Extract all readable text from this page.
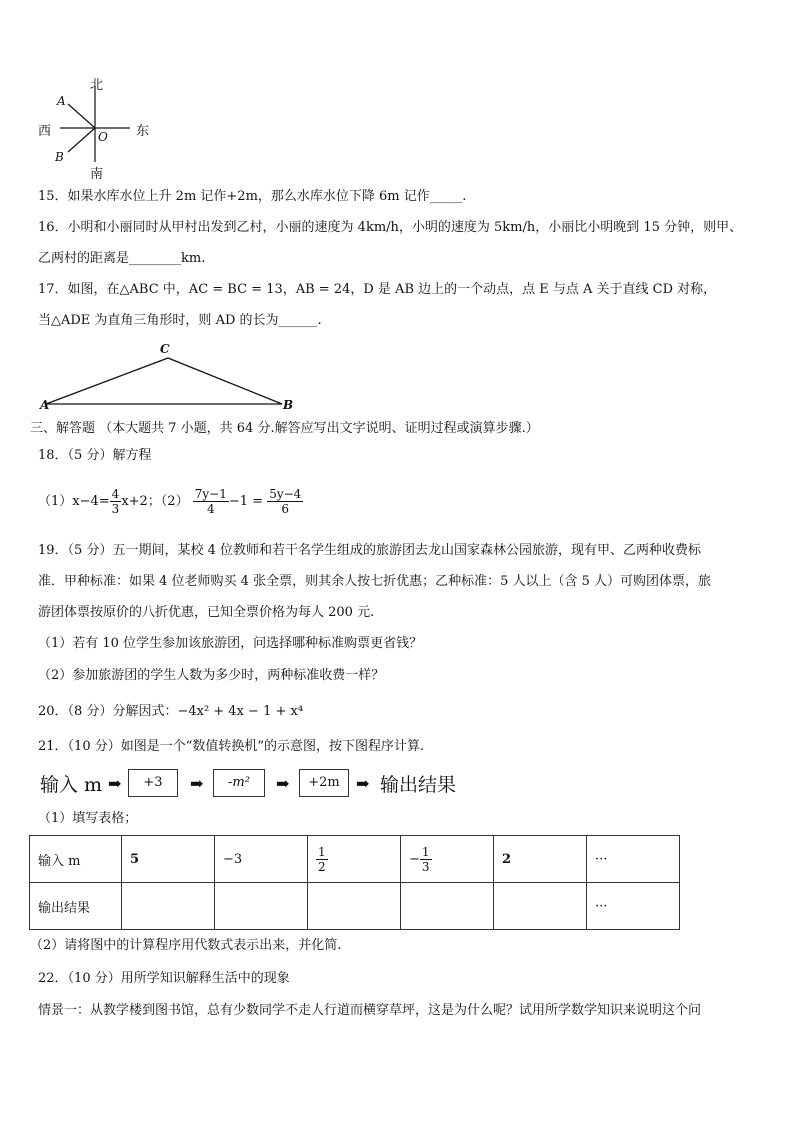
北
南
东
西
A
B
O
15．如果水库水位上升 2m 记作+2m，那么水库水位下降 6m 记作_____.
16．小明和小丽同时从甲村出发到乙村，小丽的速度为 4km/h，小明的速度为 5km/h，小丽比小明晚到 15 分钟，则甲、
乙两村的距离是________km.
17．如图，在△ABC 中，AC = BC = 13，AB = 24，D 是 AB 边上的一个动点，点 E 与点 A 关于直线 CD 对称，
当△ADE 为直角三角形时，则 AD 的长为______.
A	B
C
三、解答题 （本大题共 7 小题，共 64 分.解答应写出文字说明、证明过程或演算步骤.）
18．（5 分）解方程
$(1)x-4= \frac{4}{3} x+2$；$(2) \frac{7y-1}{4} -1 = \frac{5y-4}{6}$
19．（5 分）五一期间，某校 4 位教师和若干名学生组成的旅游团去龙山国家森林公园旅游，现有甲、乙两种收费标
准．甲种标准：如果 4 位老师购买 4 张全票，则其余人按七折优惠；乙种标准：5 人以上（含 5 人）可购团体票，旅
游团体票按原价的八折优惠，已知全票价格为每人 200 元.
（1）若有 10 位学生参加该旅游团，问选择哪种标准购票更省钱？
（2）参加旅游团的学生人数为多少时，两种标准收费一样？
20．（8 分）分解因式：−4x² + 4x − 1 + x⁴
21．（10 分）如图是一个“数值转换机”的示意图，按下图程序计算.
输入 m ➡	+3	➡	-m²	➡	+2m	➡ 输出结果
（1）填写表格；
输入 m	5	−3	$\frac{1}{2}$	− $\frac{1}{3}$	2	···
输出结果						···
（2）请将图中的计算程序用代数式表示出来，并化简.
22．（10 分）用所学知识解释生活中的现象
情景一：从教学楼到图书馆，总有少数同学不走人行道而横穿草坪，这是为什么呢？试用所学数学知识来说明这个问
